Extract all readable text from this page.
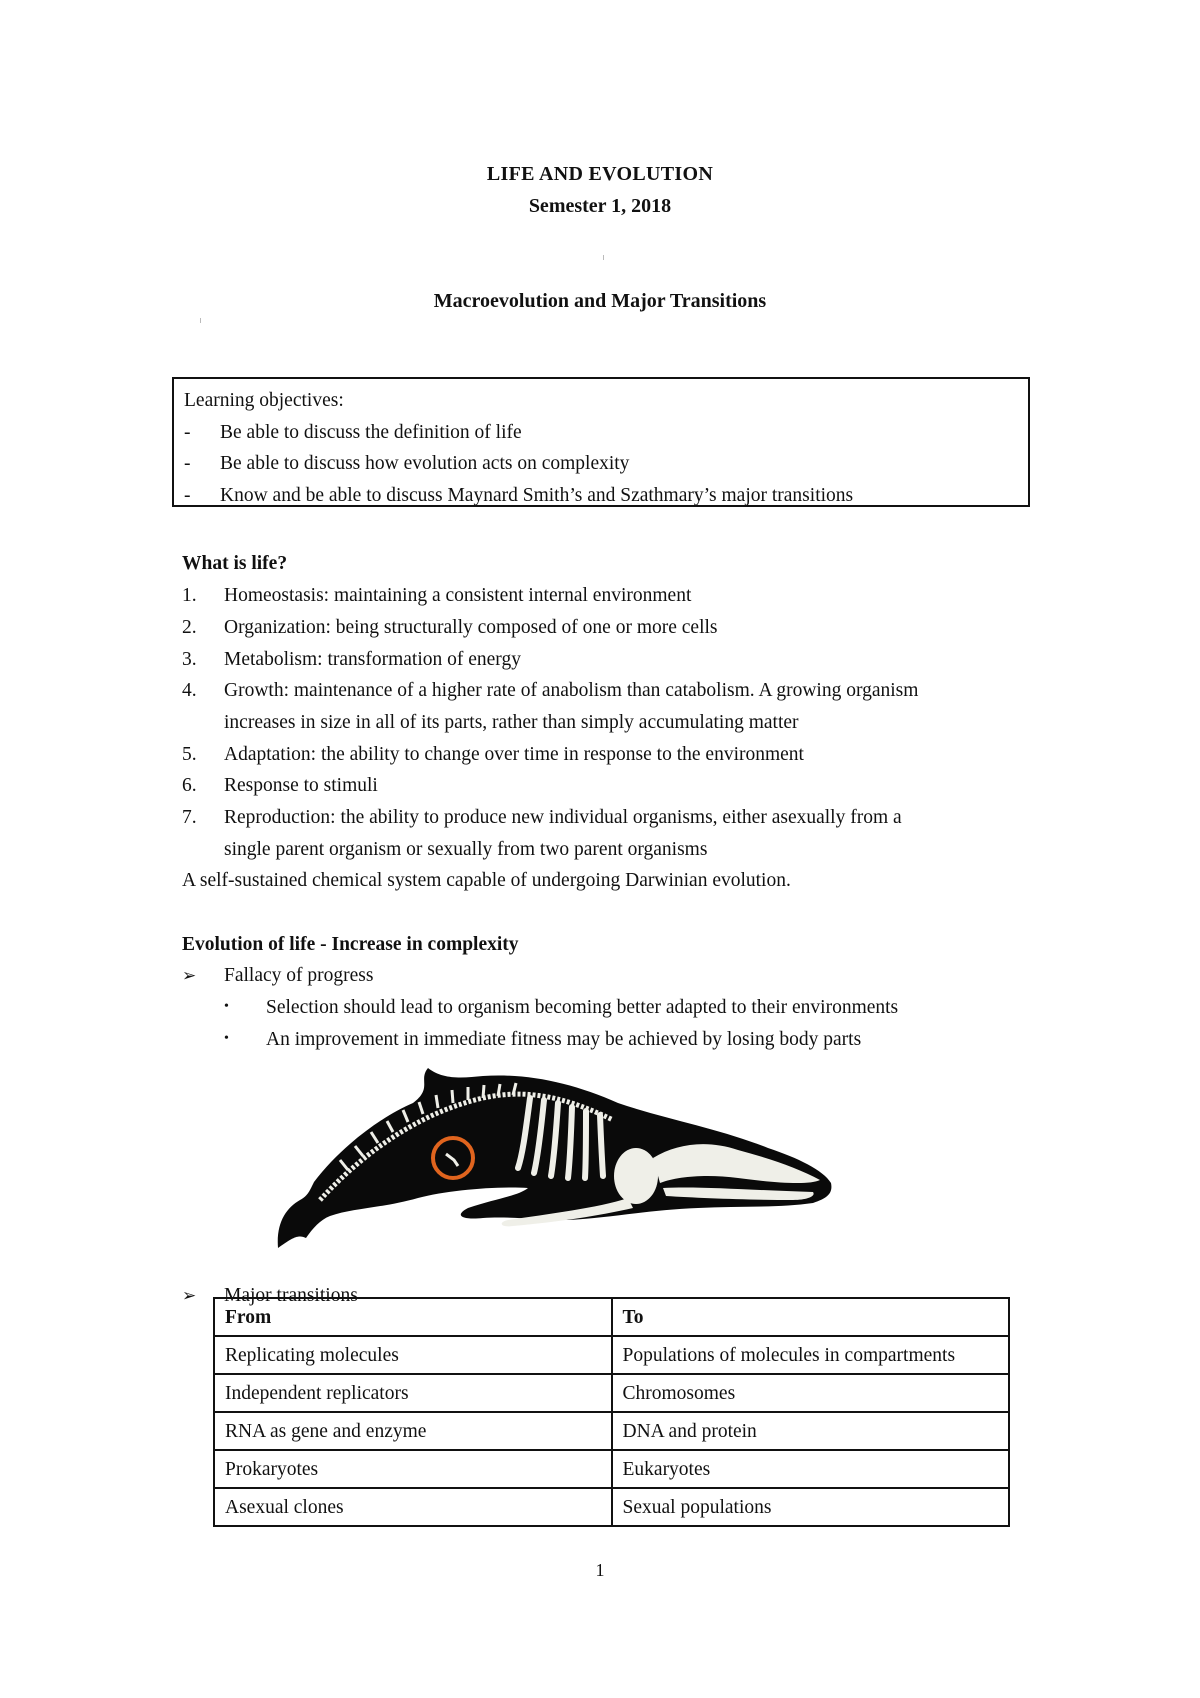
LIFE AND EVOLUTION
Semester 1, 2018
Macroevolution and Major Transitions
Learning objectives:
- Be able to discuss the definition of life
- Be able to discuss how evolution acts on complexity
- Know and be able to discuss Maynard Smith’s and Szathmary’s major transitions
What is life?
1. Homeostasis: maintaining a consistent internal environment
2. Organization: being structurally composed of one or more cells
3. Metabolism: transformation of energy
4. Growth: maintenance of a higher rate of anabolism than catabolism. A growing organism
increases in size in all of its parts, rather than simply accumulating matter
5. Adaptation: the ability to change over time in response to the environment
6. Response to stimuli
7. Reproduction: the ability to produce new individual organisms, either asexually from a
single parent organism or sexually from two parent organisms
A self-sustained chemical system capable of undergoing Darwinian evolution.
Evolution of life - Increase in complexity
➢ Fallacy of progress
• Selection should lead to organism becoming better adapted to their environments
• An improvement in immediate fitness may be achieved by losing body parts
➢ Major transitions
From	To
Replicating molecules	Populations of molecules in compartments
Independent replicators	Chromosomes
RNA as gene and enzyme	DNA and protein
Prokaryotes	Eukaryotes
Asexual clones	Sexual populations
1
